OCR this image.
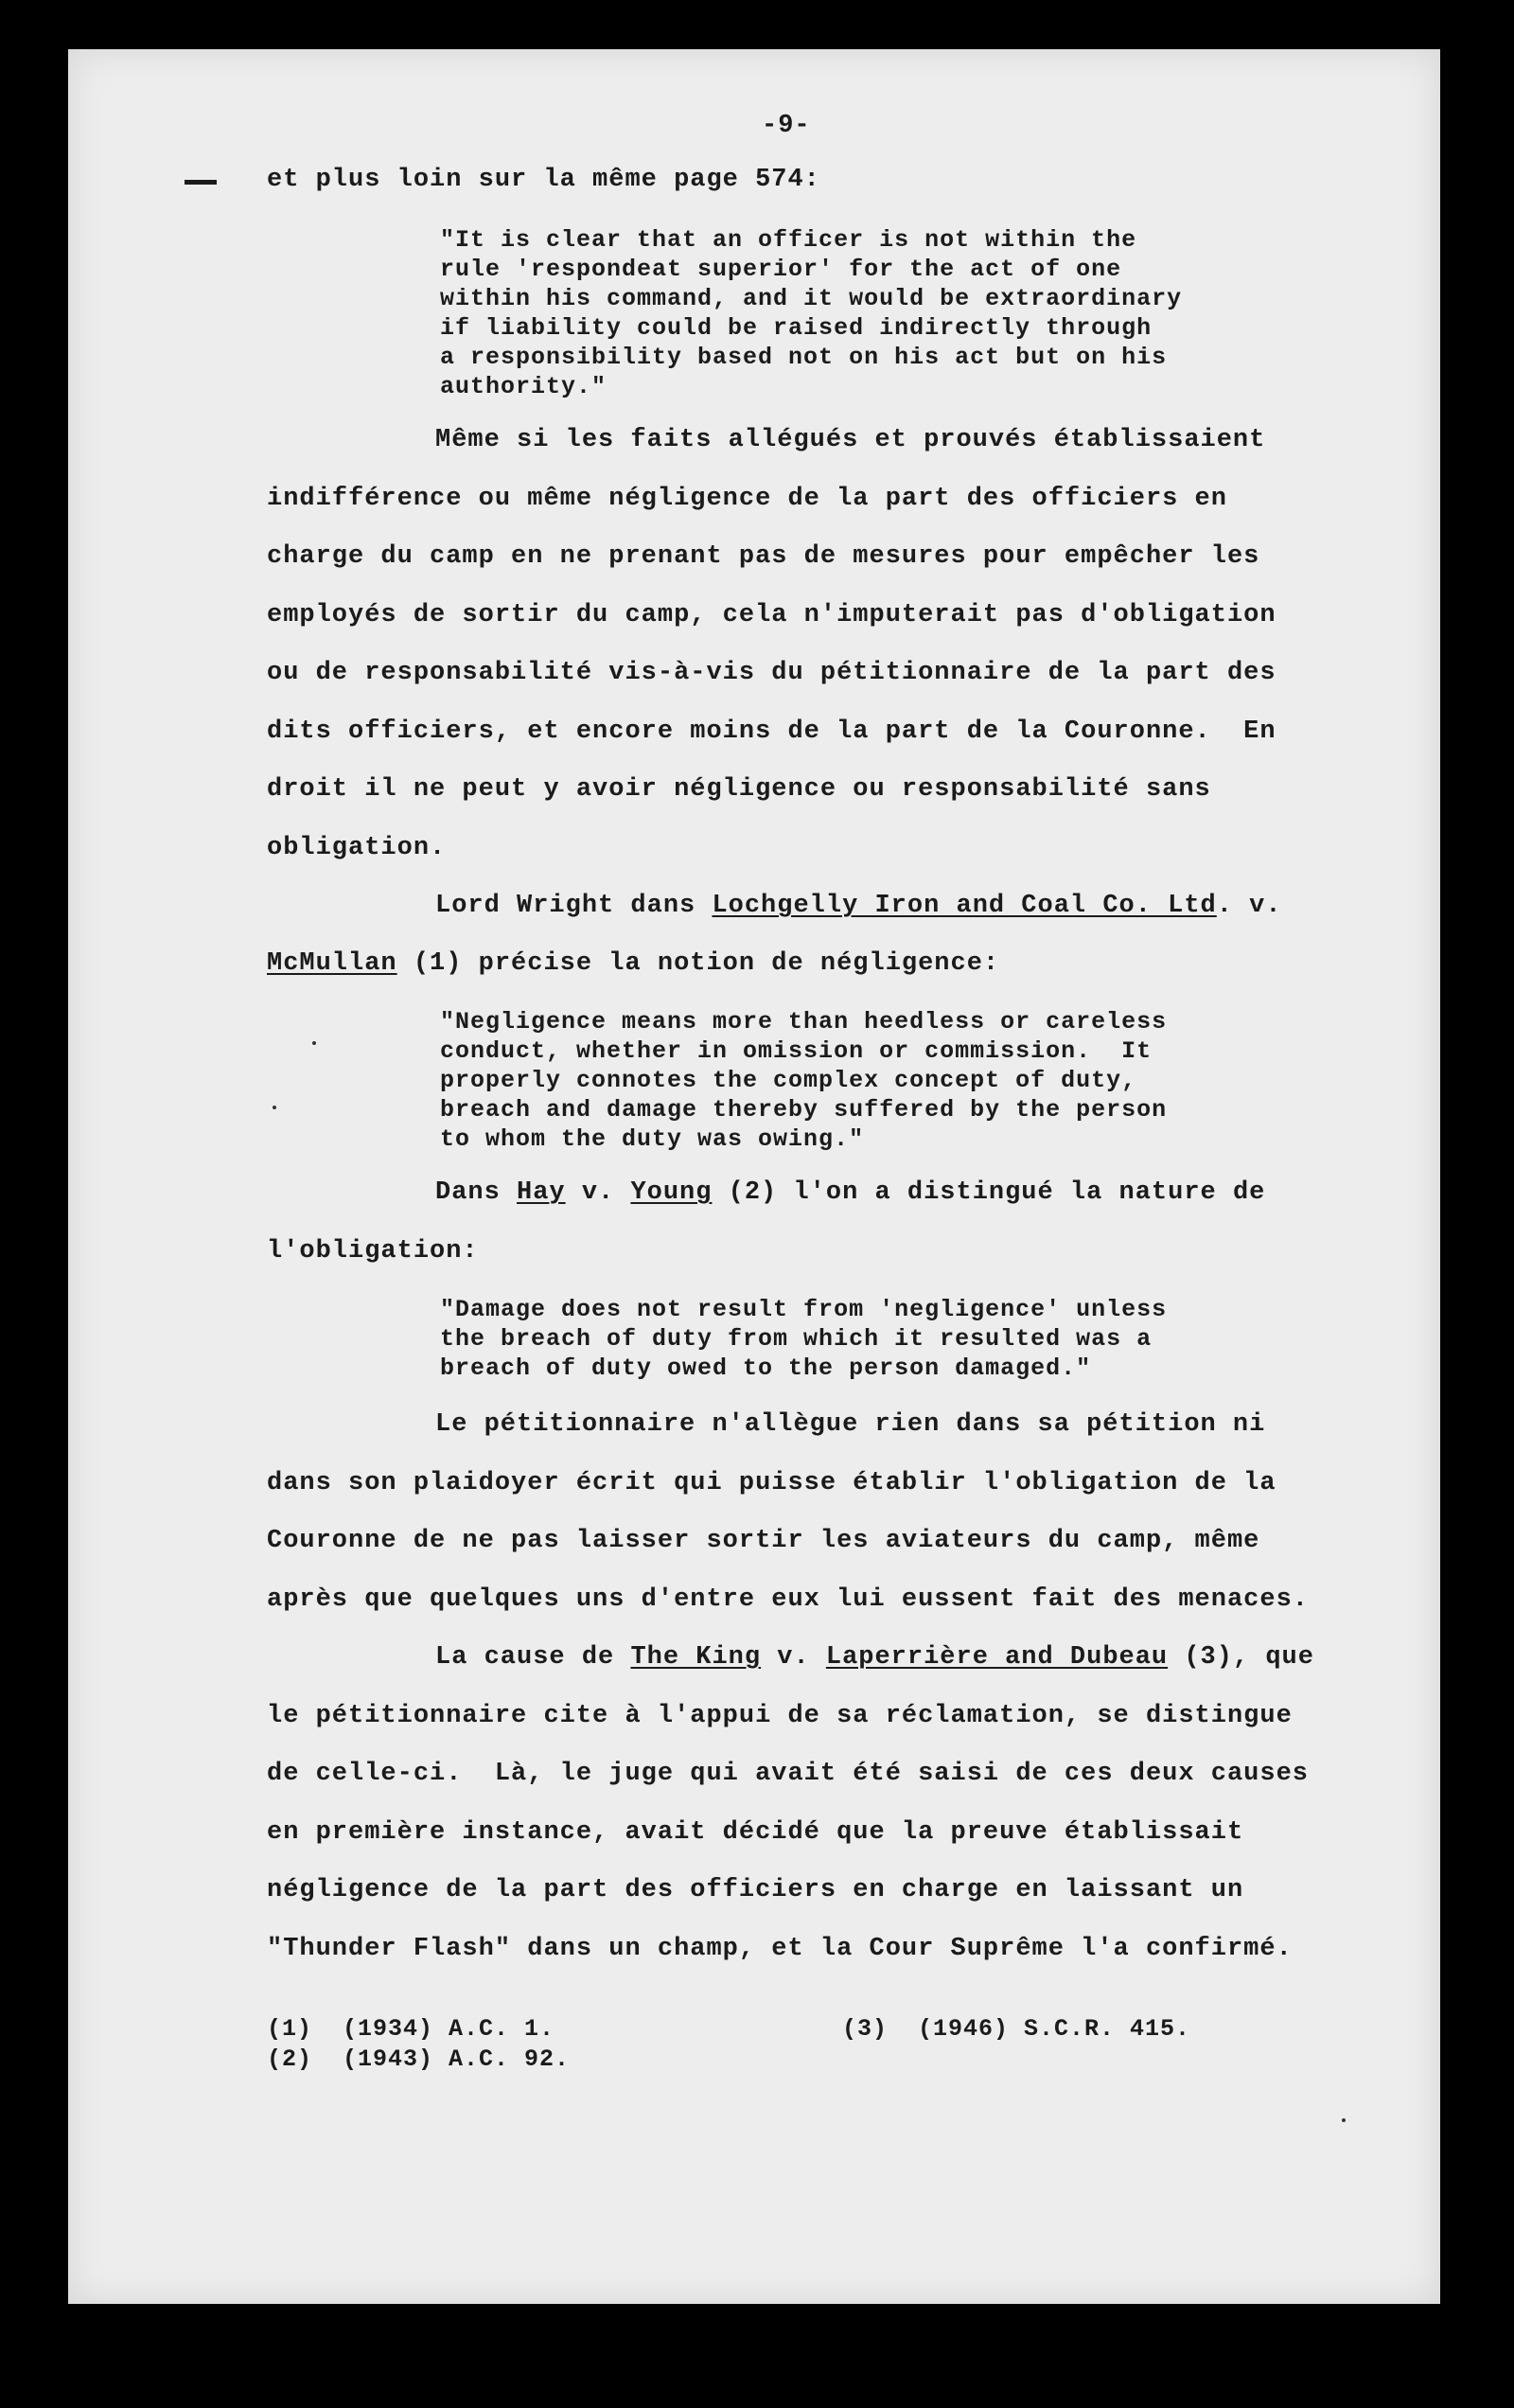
-9-
et plus loin sur la même page 574:
"It is clear that an officer is not within the
rule 'respondeat superior' for the act of one
within his command, and it would be extraordinary
if liability could be raised indirectly through
a responsibility based not on his act but on his
authority."
Même si les faits allégués et prouvés établissaient
indifférence ou même négligence de la part des officiers en
charge du camp en ne prenant pas de mesures pour empêcher les
employés de sortir du camp, cela n'imputerait pas d'obligation
ou de responsabilité vis-à-vis du pétitionnaire de la part des
dits officiers, et encore moins de la part de la Couronne.  En
droit il ne peut y avoir négligence ou responsabilité sans
obligation.
Lord Wright dans Lochgelly Iron and Coal Co. Ltd. v.
McMullan (1) précise la notion de négligence:
"Negligence means more than heedless or careless
conduct, whether in omission or commission.  It
properly connotes the complex concept of duty,
breach and damage thereby suffered by the person
to whom the duty was owing."
Dans Hay v. Young (2) l'on a distingué la nature de
l'obligation:
"Damage does not result from 'negligence' unless
the breach of duty from which it resulted was a
breach of duty owed to the person damaged."
Le pétitionnaire n'allègue rien dans sa pétition ni
dans son plaidoyer écrit qui puisse établir l'obligation de la
Couronne de ne pas laisser sortir les aviateurs du camp, même
après que quelques uns d'entre eux lui eussent fait des menaces.
La cause de The King v. Laperrière and Dubeau (3), que
le pétitionnaire cite à l'appui de sa réclamation, se distingue
de celle-ci.  Là, le juge qui avait été saisi de ces deux causes
en première instance, avait décidé que la preuve établissait
négligence de la part des officiers en charge en laissant un
"Thunder Flash" dans un champ, et la Cour Suprême l'a confirmé.
(1)  (1934) A.C. 1.
(2)  (1943) A.C. 92.
(3)  (1946) S.C.R. 415.
